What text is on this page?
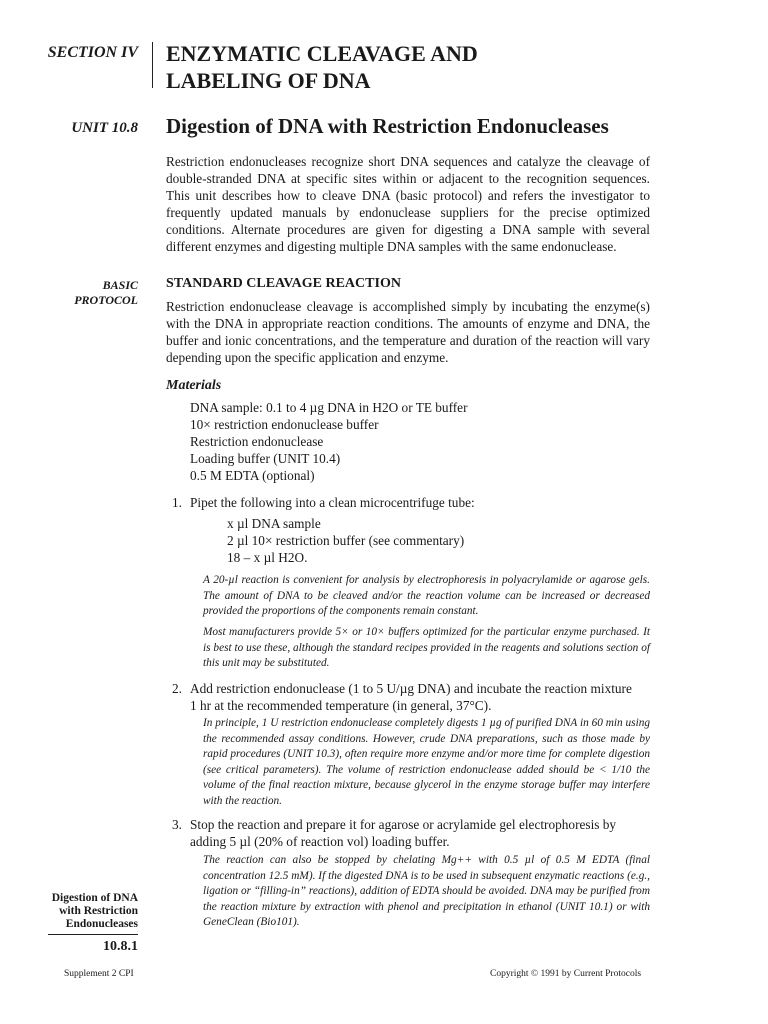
SECTION IV ENZYMATIC CLEAVAGE AND
LABELING OF DNA
UNIT 10.8 Digestion of DNA with Restriction Endonucleases
Restriction endonucleases recognize short DNA sequences and catalyze the cleavage of double-stranded DNA at specific sites within or adjacent to the recognition sequences. This unit describes how to cleave DNA (basic protocol) and refers the investigator to frequently updated manuals by endonuclease suppliers for the precise optimized conditions. Alternate procedures are given for digesting a DNA sample with several different enzymes and digesting multiple DNA samples with the same endonuclease.
BASIC
PROTOCOL
STANDARD CLEAVAGE REACTION
Restriction endonuclease cleavage is accomplished simply by incubating the enzyme(s) with the DNA in appropriate reaction conditions. The amounts of enzyme and DNA, the buffer and ionic concentrations, and the temperature and duration of the reaction will vary depending upon the specific application and enzyme.
Materials
DNA sample: 0.1 to 4 µg DNA in H2O or TE buffer
10× restriction endonuclease buffer
Restriction endonuclease
Loading buffer (UNIT 10.4)
0.5 M EDTA (optional)
1. Pipet the following into a clean microcentrifuge tube:
x µl DNA sample
2 µl 10× restriction buffer (see commentary)
18 – x µl H2O.
A 20-µl reaction is convenient for analysis by electrophoresis in polyacrylamide or agarose gels. The amount of DNA to be cleaved and/or the reaction volume can be increased or decreased provided the proportions of the components remain constant.
Most manufacturers provide 5× or 10× buffers optimized for the particular enzyme purchased. It is best to use these, although the standard recipes provided in the reagents and solutions section of this unit may be substituted.
2. Add restriction endonuclease (1 to 5 U/µg DNA) and incubate the reaction mixture
1 hr at the recommended temperature (in general, 37°C).
In principle, 1 U restriction endonuclease completely digests 1 µg of purified DNA in 60 min using the recommended assay conditions. However, crude DNA preparations, such as those made by rapid procedures (UNIT 10.3), often require more enzyme and/or more time for complete digestion (see critical parameters). The volume of restriction endonuclease added should be < 1/10 the volume of the final reaction mixture, because glycerol in the enzyme storage buffer may interfere with the reaction.
3. Stop the reaction and prepare it for agarose or acrylamide gel electrophoresis by
adding 5 µl (20% of reaction vol) loading buffer.
The reaction can also be stopped by chelating Mg++ with 0.5 µl of 0.5 M EDTA (final concentration 12.5 mM). If the digested DNA is to be used in subsequent enzymatic reactions (e.g., ligation or “filling-in” reactions), addition of EDTA should be avoided. DNA may be purified from the reaction mixture by extraction with phenol and precipitation in ethanol (UNIT 10.1) or with GeneClean (Bio101).
Digestion of DNA
with Restriction
Endonucleases
10.8.1
Supplement 2 CPI	Copyright © 1991 by Current Protocols
